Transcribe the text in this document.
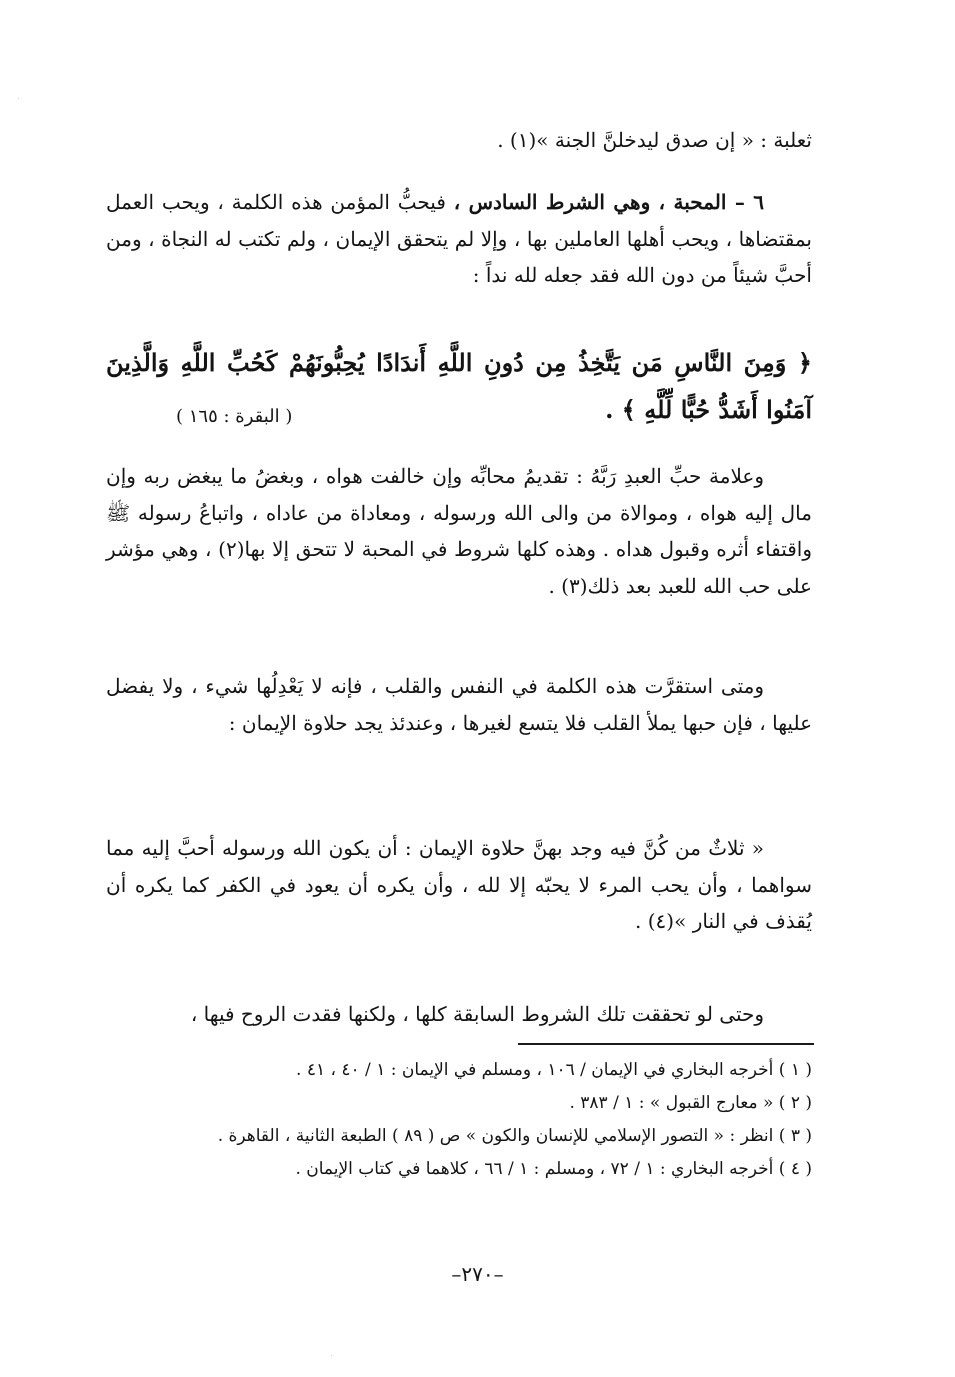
ثعلبة : « إن صدق ليدخلنَّ الجنة »(١) .

٦ – المحبة ، وهي الشرط السادس ، فيحبُّ المؤمن هذه الكلمة ، ويحب العمل بمقتضاها ، ويحب أهلها العاملين بها ، وإلا لم يتحقق الإيمان ، ولم تكتب له النجاة ، ومن أحبَّ شيئاً من دون الله فقد جعله لله نداً :

﴿ وَمِنَ النَّاسِ مَن يَتَّخِذُ مِن دُونِ اللَّهِ أَندَادًا يُحِبُّونَهُمْ كَحُبِّ اللَّهِ وَالَّذِينَ آمَنُوا أَشَدُّ حُبًّا لِّلَّهِ ﴾ .

( البقرة : ١٦٥ )

وعلامة حبِّ العبدِ رَبَّهُ : تقديمُ محابِّه وإن خالفت هواه ، وبغضُ ما يبغض ربه وإن مال إليه هواه ، وموالاة من والى الله ورسوله ، ومعاداة من عاداه ، واتباعُ رسوله ﷺ واقتفاء أثره وقبول هداه . وهذه كلها شروط في المحبة لا تتحق إلا بها(٢) ، وهي مؤشر على حب الله للعبد بعد ذلك(٣) .

ومتى استقرَّت هذه الكلمة في النفس والقلب ، فإنه لا يَعْدِلُها شيء ، ولا يفضل عليها ، فإن حبها يملأ القلب فلا يتسع لغيرها ، وعندئذ يجد حلاوة الإيمان :

« ثلاثٌ من كُنَّ فيه وجد بهنَّ حلاوة الإيمان : أن يكون الله ورسوله أحبَّ إليه مما سواهما ، وأن يحب المرء لا يحبّه إلا لله ، وأن يكره أن يعود في الكفر كما يكره أن يُقذف في النار »(٤) .

وحتى لو تحققت تلك الشروط السابقة كلها ، ولكنها فقدت الروح فيها ،

( ١ ) أخرجه البخاري في الإيمان / ١٠٦ ، ومسلم في الإيمان : ١ / ٤٠ ، ٤١ .

( ٢ ) « معارج القبول » : ١ / ٣٨٣ .

( ٣ ) انظر : « التصور الإسلامي للإنسان والكون » ص ( ٨٩ ) الطبعة الثانية ، القاهرة .

( ٤ ) أخرجه البخاري : ١ / ٧٢ ، ومسلم : ١ / ٦٦ ، كلاهما في كتاب الإيمان .

–٢٧٠–
